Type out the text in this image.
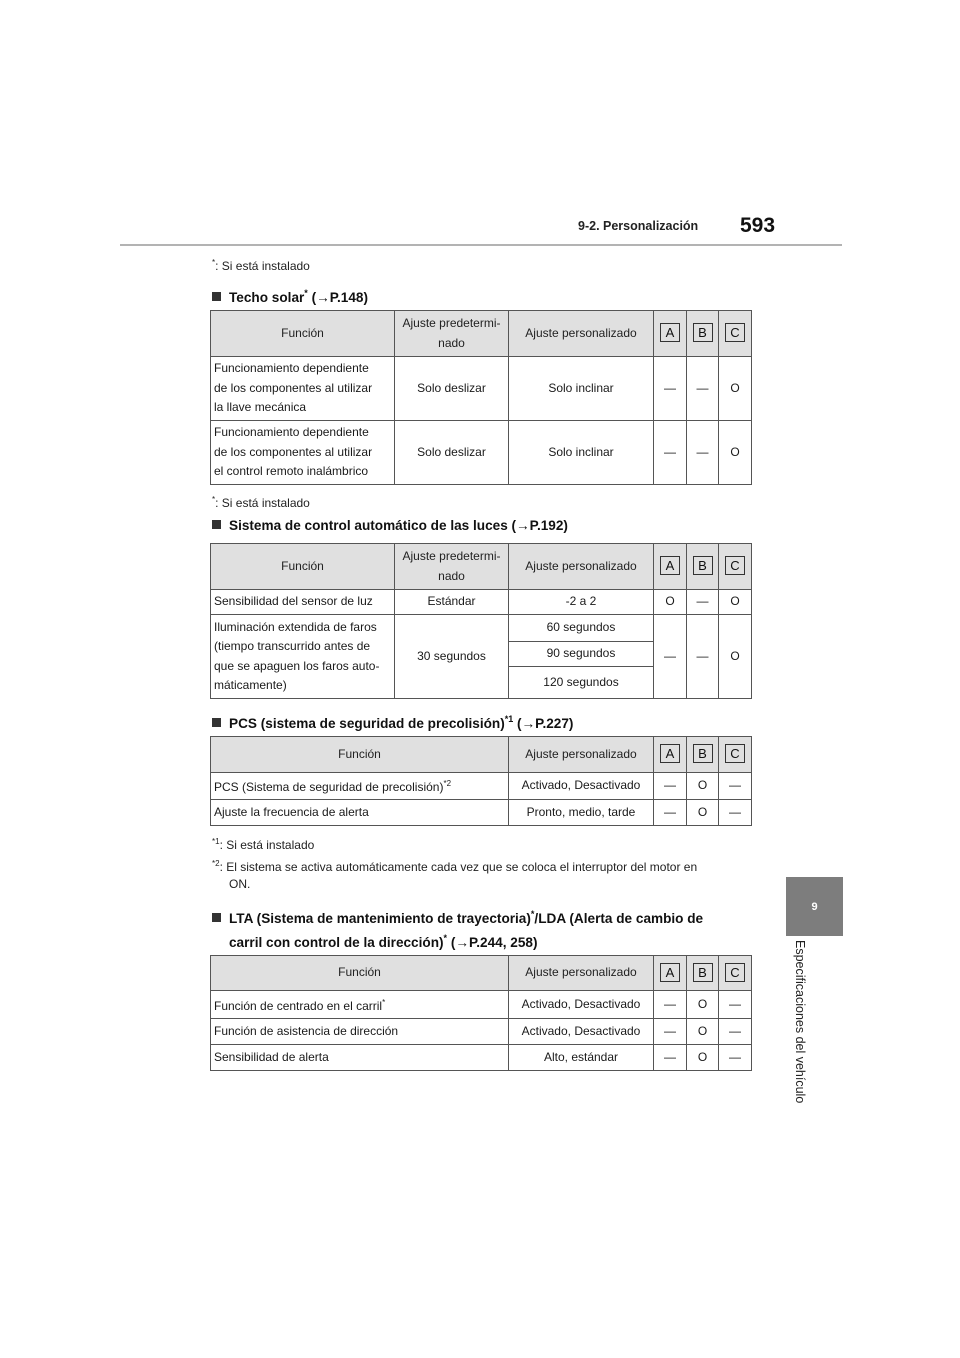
9-2. Personalización 593
9
Especificaciones del vehículo
*: Si está instalado
Techo solar* (→P.148)
Función	Ajuste predetermi-
nado	Ajuste personalizado	A	B	C
Funcionamiento dependiente
de los componentes al utilizar
la llave mecánica	Solo deslizar	Solo inclinar	—	—	O
Funcionamiento dependiente
de los componentes al utilizar
el control remoto inalámbrico	Solo deslizar	Solo inclinar	—	—	O
*: Si está instalado
Sistema de control automático de las luces (→P.192)
Función	Ajuste predetermi-
nado	Ajuste personalizado	A	B	C
Sensibilidad del sensor de luz	Estándar	-2 a 2	O	—	O
Iluminación extendida de faros
(tiempo transcurrido antes de
que se apaguen los faros auto-
máticamente)	30 segundos	60 segundos	—	—	O
		90 segundos			
		120 segundos			
PCS (sistema de seguridad de precolisión)$^{*1}$ (→P.227)
Función	Ajuste personalizado	A	B	C
PCS (Sistema de seguridad de precolisión)$^{*2}$	Activado, Desactivado	—	O	—
Ajuste la frecuencia de alerta	Pronto, medio, tarde	—	O	—
$^{*1}$: Si está instalado
$^{*2}$: El sistema se activa automáticamente cada vez que se coloca el interruptor del motor en
ON.
LTA (Sistema de mantenimiento de trayectoria)*/LDA (Alerta de cambio de
carril con control de la dirección)* (→P.244, 258)
Función	Ajuste personalizado	A	B	C
Función de centrado en el carril*	Activado, Desactivado	—	O	—
Función de asistencia de dirección	Activado, Desactivado	—	O	—
Sensibilidad de alerta	Alto, estándar	—	O	—
